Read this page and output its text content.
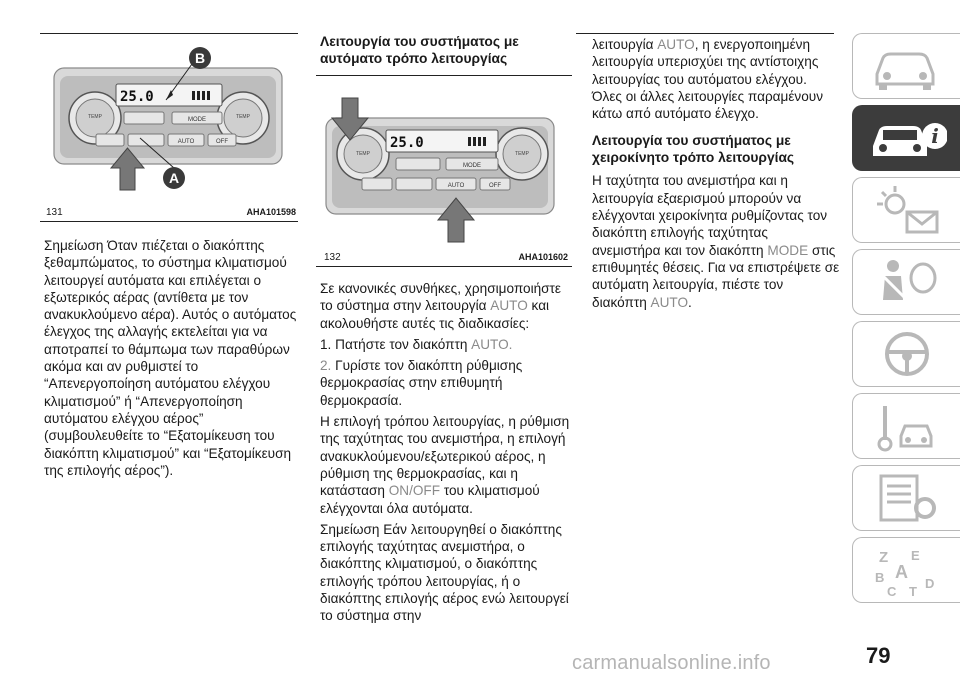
TEMP	TEMP
25.0
MODE
AUTO	OFF
A
B
131	AHA101598

Σημείωση Όταν πιέζεται ο διακόπτης ξεθαμπώματος, το σύστημα κλιματισμού λειτουργεί αυτόματα και επιλέγεται ο εξωτερικός αέρας (αντίθετα με τον ανακυκλούμενο αέρα). Αυτός ο αυτόματος έλεγχος της αλλαγής εκτελείται για να αποτραπεί το θάμπωμα των παραθύρων ακόμα και αν ρυθμιστεί το “Απενεργοποίηση αυτόματου ελέγχου κλιματισμού” ή “Απενεργοποίηση αυτόματου ελέγχου αέρος” (συμβουλευθείτε το “Εξατομίκευση του διακόπτη κλιματισμού” και “Εξατομίκευση της επιλογής αέρος”).

Λειτουργία του συστήματος με αυτόματο τρόπο λειτουργίας
TEMP	TEMP
25.0
MODE
AUTO	OFF
132	AHA101602

Σε κανονικές συνθήκες, χρησιμοποιήστε το σύστημα στην λειτουργία AUTO και ακολουθήστε αυτές τις διαδικασίες:

1. Πατήστε τον διακόπτη AUTO.

2. Γυρίστε τον διακόπτη ρύθμισης θερμοκρασίας στην επιθυμητή θερμοκρασία.

Η επιλογή τρόπου λειτουργίας, η ρύθμιση της ταχύτητας του ανεμιστήρα, η επιλογή ανακυκλούμενου/εξωτερικού αέρος, η ρύθμιση της θερμοκρασίας, και η κατάσταση ON/OFF του κλιματισμού ελέγχονται όλα αυτόματα.

Σημείωση Εάν λειτουργηθεί ο διακόπτης επιλογής ταχύτητας ανεμιστήρα, ο διακόπτης κλιματισμού, ο διακόπτης επιλογής τρόπου λειτουργίας, ή ο διακόπτης επιλογής αέρος ενώ λειτουργεί το σύστημα στην

λειτουργία AUTO, η ενεργοποιημένη λειτουργία υπερισχύει της αντίστοιχης λειτουργίας του αυτόματου ελέγχου. Όλες οι άλλες λειτουργίες παραμένουν κάτω από αυτόματο έλεγχο.

Λειτουργία του συστήματος με χειροκίνητο τρόπο λειτουργίας

Η ταχύτητα του ανεμιστήρα και η λειτουργία εξαερισμού μπορούν να ελέγχονται χειροκίνητα ρυθμίζοντας τον διακόπτη επιλογής ταχύτητας ανεμιστήρα και τον διακόπτη MODE στις επιθυμητές θέσεις. Για να επιστρέψετε σε αυτόματη λειτουργία, πιέστε τον διακόπτη AUTO.

i
Z E
B A
C T
D
79
carmanualsonline.info
